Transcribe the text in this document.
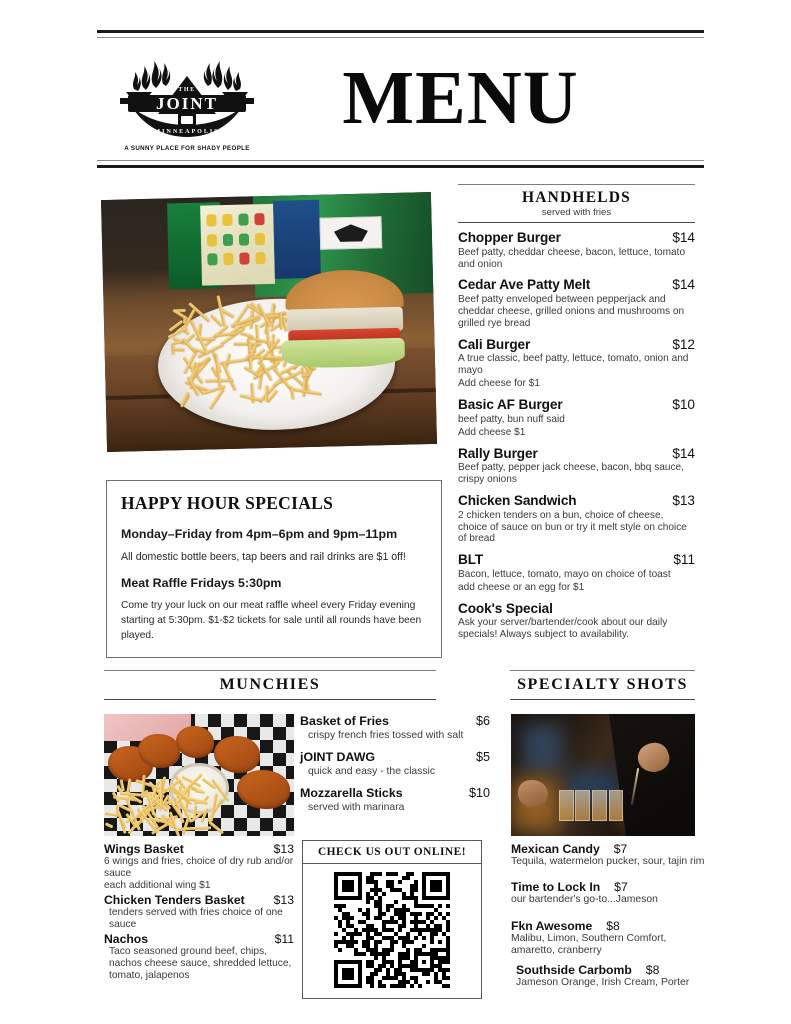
JOINT
THE
MINNEAPOLIS
A SUNNY PLACE FOR SHADY PEOPLE
MENU
HAPPY HOUR SPECIALS
Monday–Friday from 4pm–6pm and 9pm–11pm
All domestic bottle beers, tap beers and rail drinks are $1 off!
Meat Raffle Fridays 5:30pm
Come try your luck on our meat raffle wheel every Friday evening starting at 5:30pm. $1-$2 tickets for sale until all rounds have been played.
HANDHELDS
served with fries
Chopper Burger	$14
Beef patty, cheddar cheese, bacon, lettuce, tomato and onion
Cedar Ave Patty Melt	$14
Beef patty enveloped between pepperjack and cheddar cheese, grilled onions and mushrooms on grilled rye bread
Cali Burger	$12
A true classic, beef patty, lettuce, tomato, onion and mayo
Add cheese for $1
Basic AF Burger	$10
beef patty, bun nuff said
Add cheese $1
Rally Burger	$14
Beef patty, pepper jack cheese, bacon, bbq sauce, crispy onions
Chicken Sandwich	$13
2 chicken tenders on a bun, choice of cheese, choice of sauce on bun or try it melt style on choice of bread
BLT	$11
Bacon, lettuce, tomato, mayo on choice of toast
add cheese or an egg for $1
Cook's Special
Ask your server/bartender/cook about our daily specials! Always subject to availability.
MUNCHIES
Basket of Fries	$6
crispy french fries tossed with salt
jOINT DAWG	$5
quick and easy - the classic
Mozzarella Sticks	$10
served with marinara
Wings Basket	$13
6 wings and fries, choice of dry rub and/or sauce
each additional wing $1
Chicken Tenders Basket $13
tenders served with fries choice of one sauce
Nachos	$11
Taco seasoned ground beef, chips, nachos cheese sauce, shredded lettuce, tomato, jalapenos
CHECK US OUT ONLINE!
SPECIALTY SHOTS
Mexican Candy $7
Tequila, watermelon pucker, sour, tajin rim
Time to Lock In $7
our bartender's go-to...Jameson
Fkn Awesome $8
Malibu, Limon, Southern Comfort, amaretto, cranberry
Southside Carbomb $8
Jameson Orange, Irish Cream, Porter
